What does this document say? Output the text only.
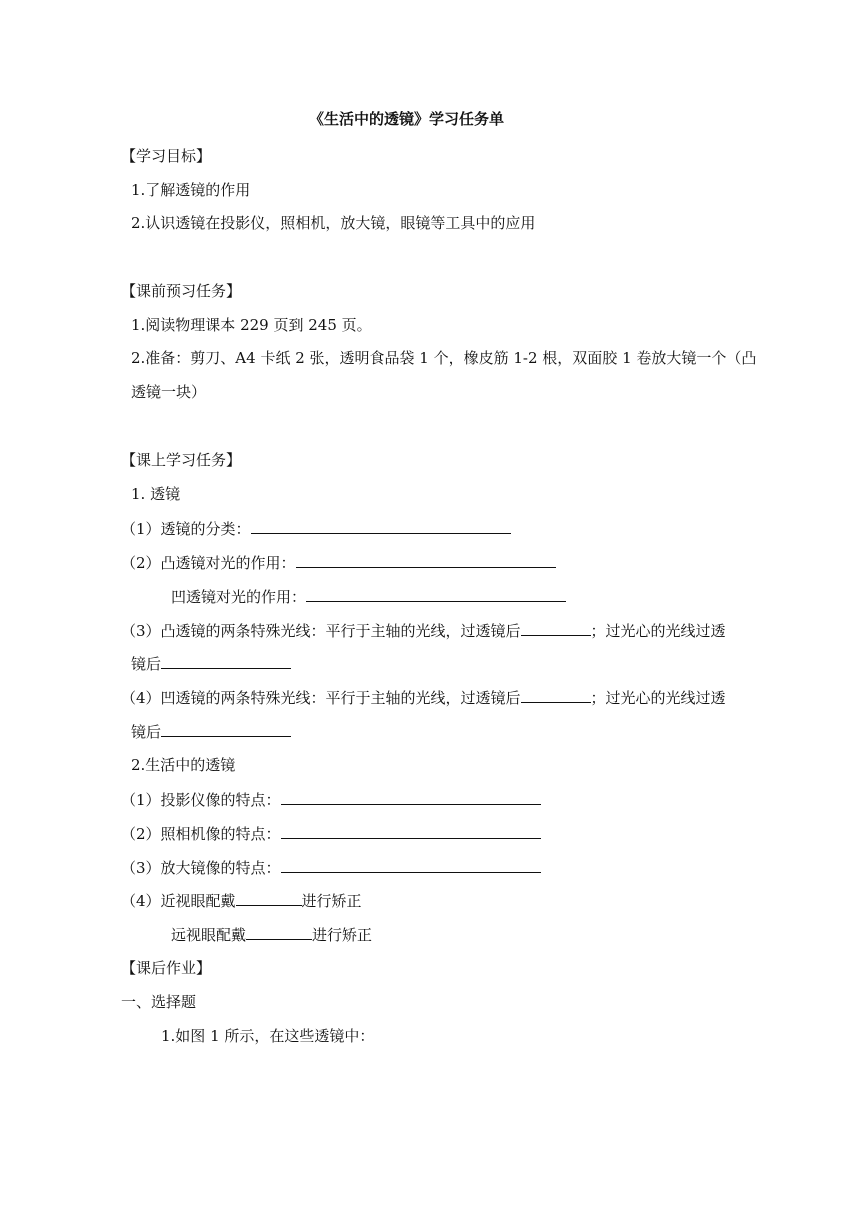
《生活中的透镜》学习任务单
【学习目标】
1.了解透镜的作用
2.认识透镜在投影仪，照相机，放大镜，眼镜等工具中的应用
【课前预习任务】
1.阅读物理课本 229 页到 245 页。
2.准备：剪刀、A4 卡纸 2 张，透明食品袋 1 个，橡皮筋 1-2 根，双面胶 1 卷放大镜一个（凸
透镜一块）
【课上学习任务】
1. 透镜
（1）透镜的分类：
（2）凸透镜对光的作用：
凹透镜对光的作用：
（3）凸透镜的两条特殊光线：平行于主轴的光线，过透镜后	；过光心的光线过透
镜后
（4）凹透镜的两条特殊光线：平行于主轴的光线，过透镜后	；过光心的光线过透
镜后
2.生活中的透镜
（1）投影仪像的特点：
（2）照相机像的特点：
（3）放大镜像的特点：
（4）近视眼配戴	进行矫正
远视眼配戴	进行矫正
【课后作业】
一、选择题
1.如图 1 所示，在这些透镜中：
